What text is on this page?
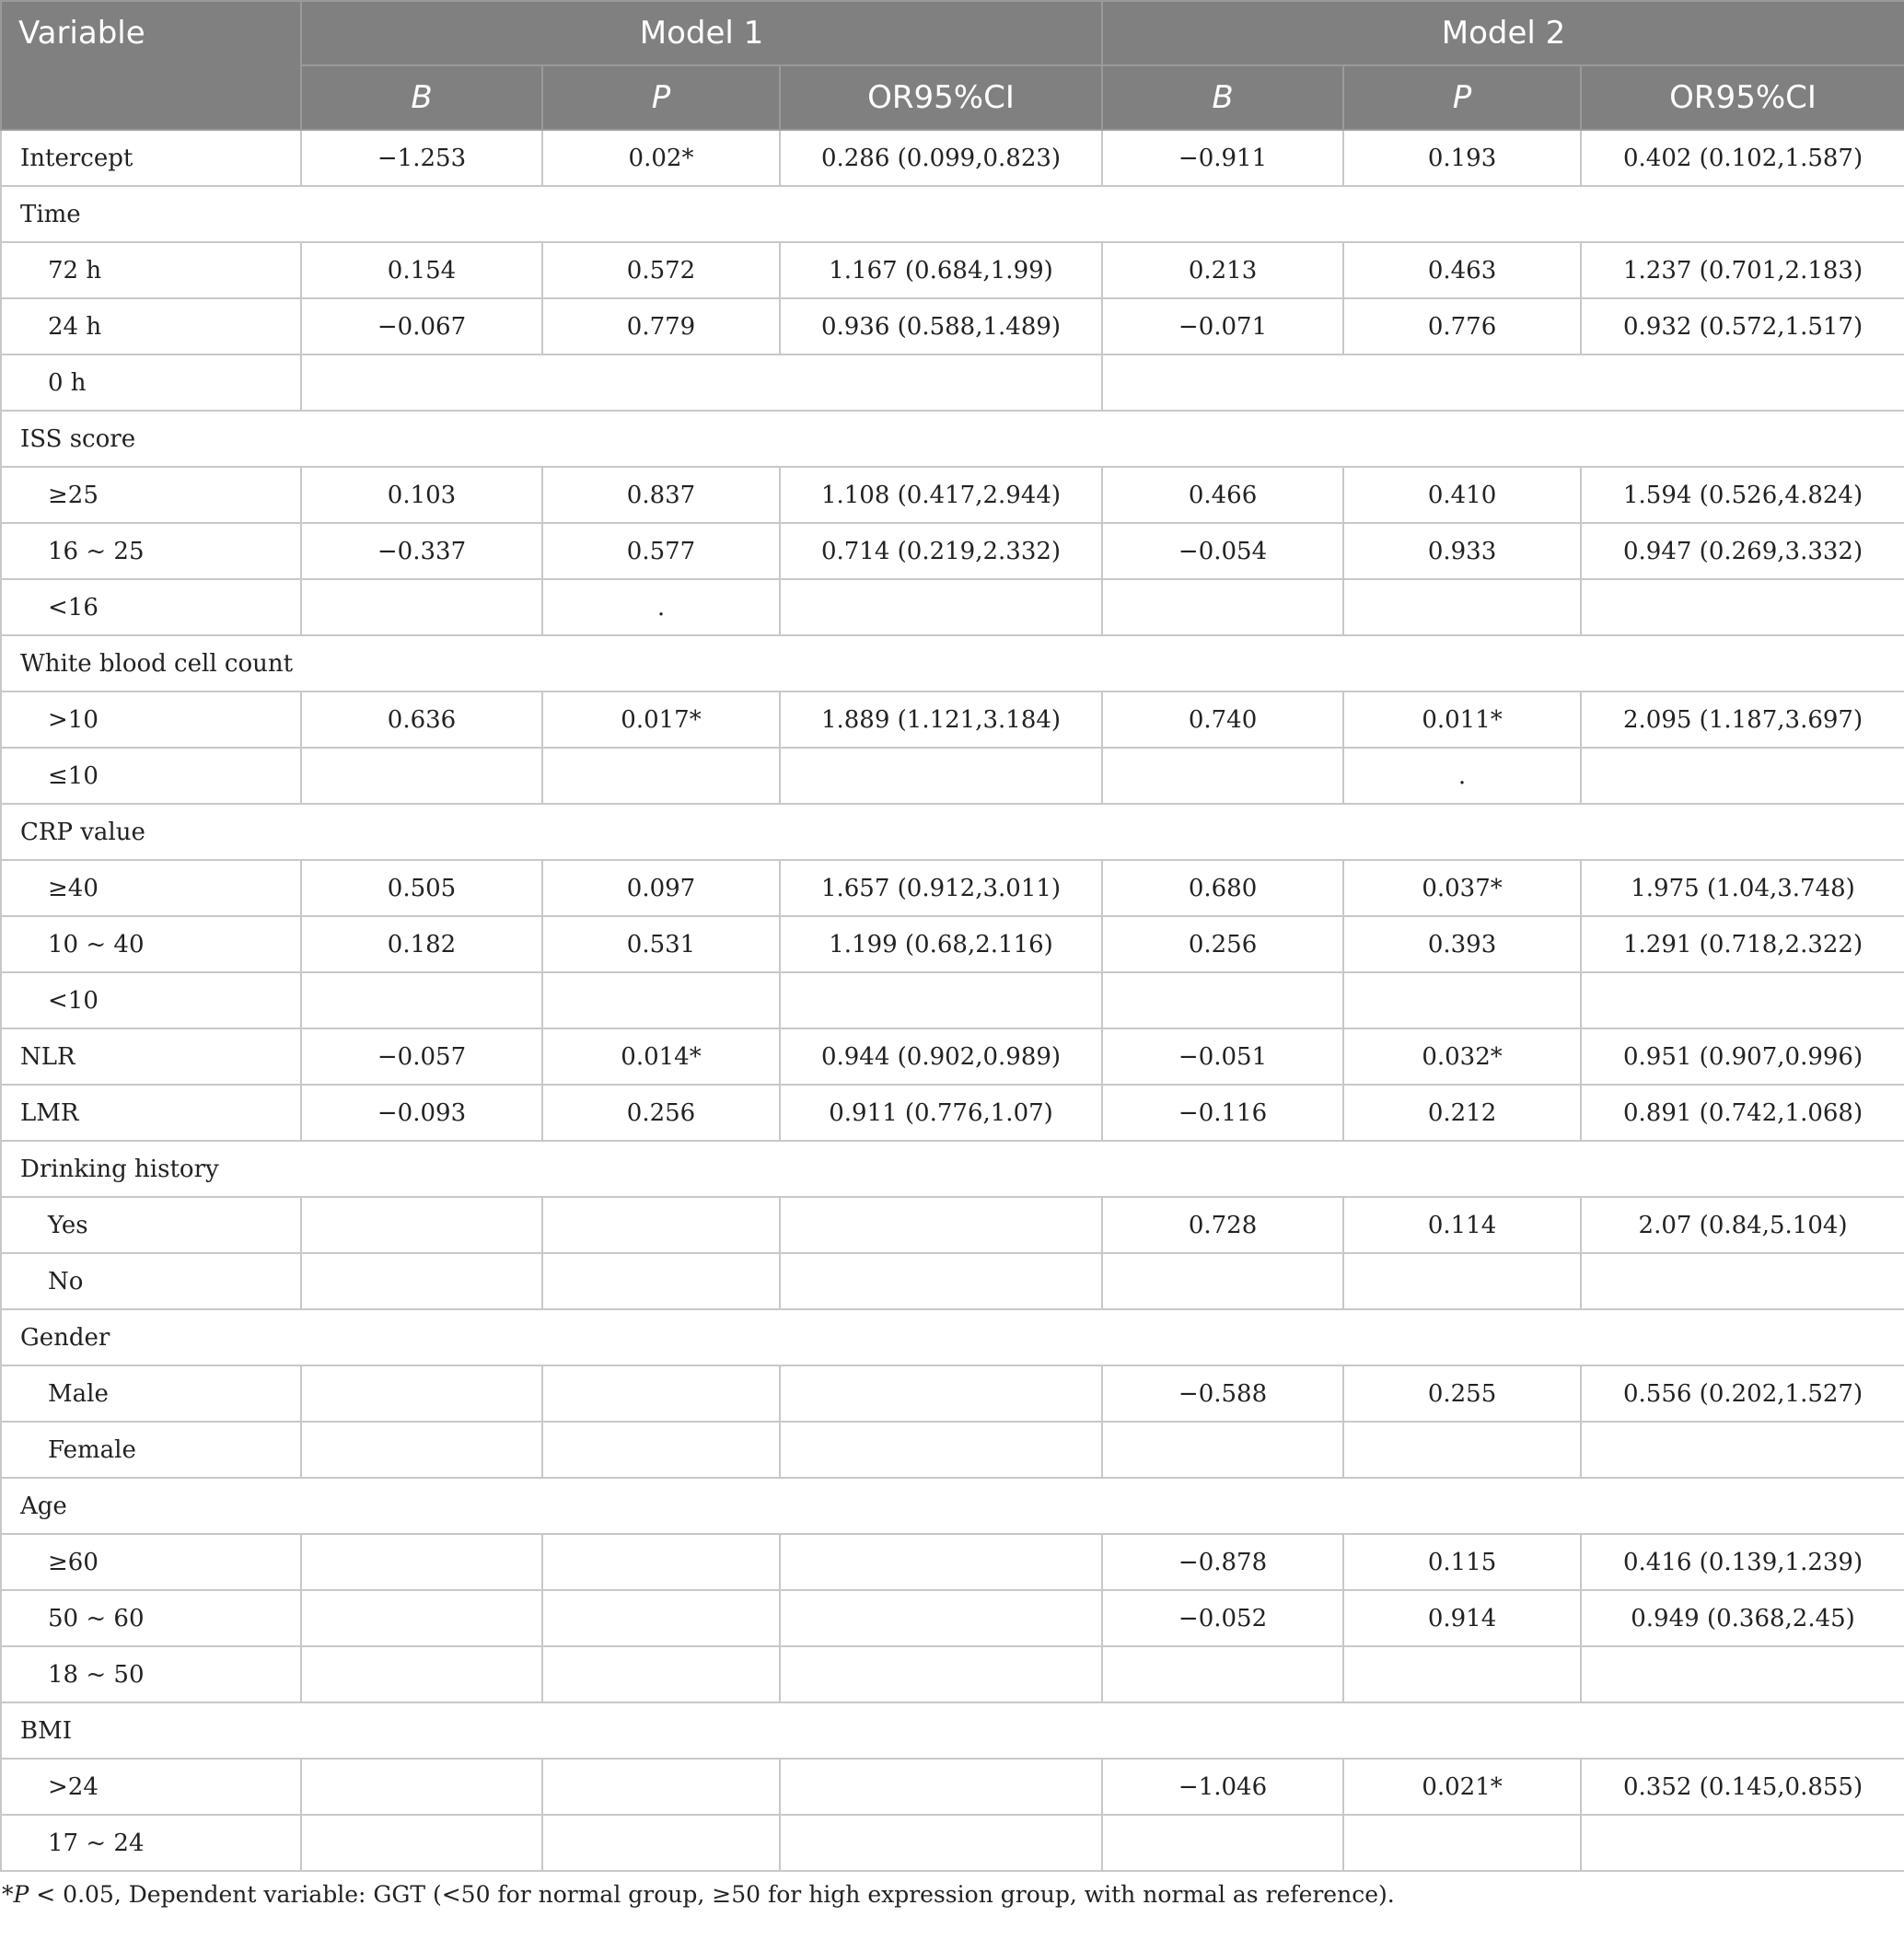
Variable	Model 1			Model 2		
	B	P	OR95%CI	B	P	OR95%CI
Intercept	−1.253	0.02*	0.286 (0.099,0.823)	−0.911	0.193	0.402 (0.102,1.587)
Time						
72 h	0.154	0.572	1.167 (0.684,1.99)	0.213	0.463	1.237 (0.701,2.183)
24 h	−0.067	0.779	0.936 (0.588,1.489)	−0.071	0.776	0.932 (0.572,1.517)
0 h						
ISS score						
≥25	0.103	0.837	1.108 (0.417,2.944)	0.466	0.410	1.594 (0.526,4.824)
16 ~ 25	−0.337	0.577	0.714 (0.219,2.332)	−0.054	0.933	0.947 (0.269,3.332)
<16		.				
White blood cell count						
>10	0.636	0.017*	1.889 (1.121,3.184)	0.740	0.011*	2.095 (1.187,3.697)
≤10					.	
CRP value						
≥40	0.505	0.097	1.657 (0.912,3.011)	0.680	0.037*	1.975 (1.04,3.748)
10 ~ 40	0.182	0.531	1.199 (0.68,2.116)	0.256	0.393	1.291 (0.718,2.322)
<10						
NLR	−0.057	0.014*	0.944 (0.902,0.989)	−0.051	0.032*	0.951 (0.907,0.996)
LMR	−0.093	0.256	0.911 (0.776,1.07)	−0.116	0.212	0.891 (0.742,1.068)
Drinking history						
Yes				0.728	0.114	2.07 (0.84,5.104)
No						
Gender						
Male				−0.588	0.255	0.556 (0.202,1.527)
Female						
Age						
≥60				−0.878	0.115	0.416 (0.139,1.239)
50 ~ 60				−0.052	0.914	0.949 (0.368,2.45)
18 ~ 50						
BMI						
>24				−1.046	0.021*	0.352 (0.145,0.855)
17 ~ 24						
*P < 0.05, Dependent variable: GGT (<50 for normal group, ≥50 for high expression group, with normal as reference).
